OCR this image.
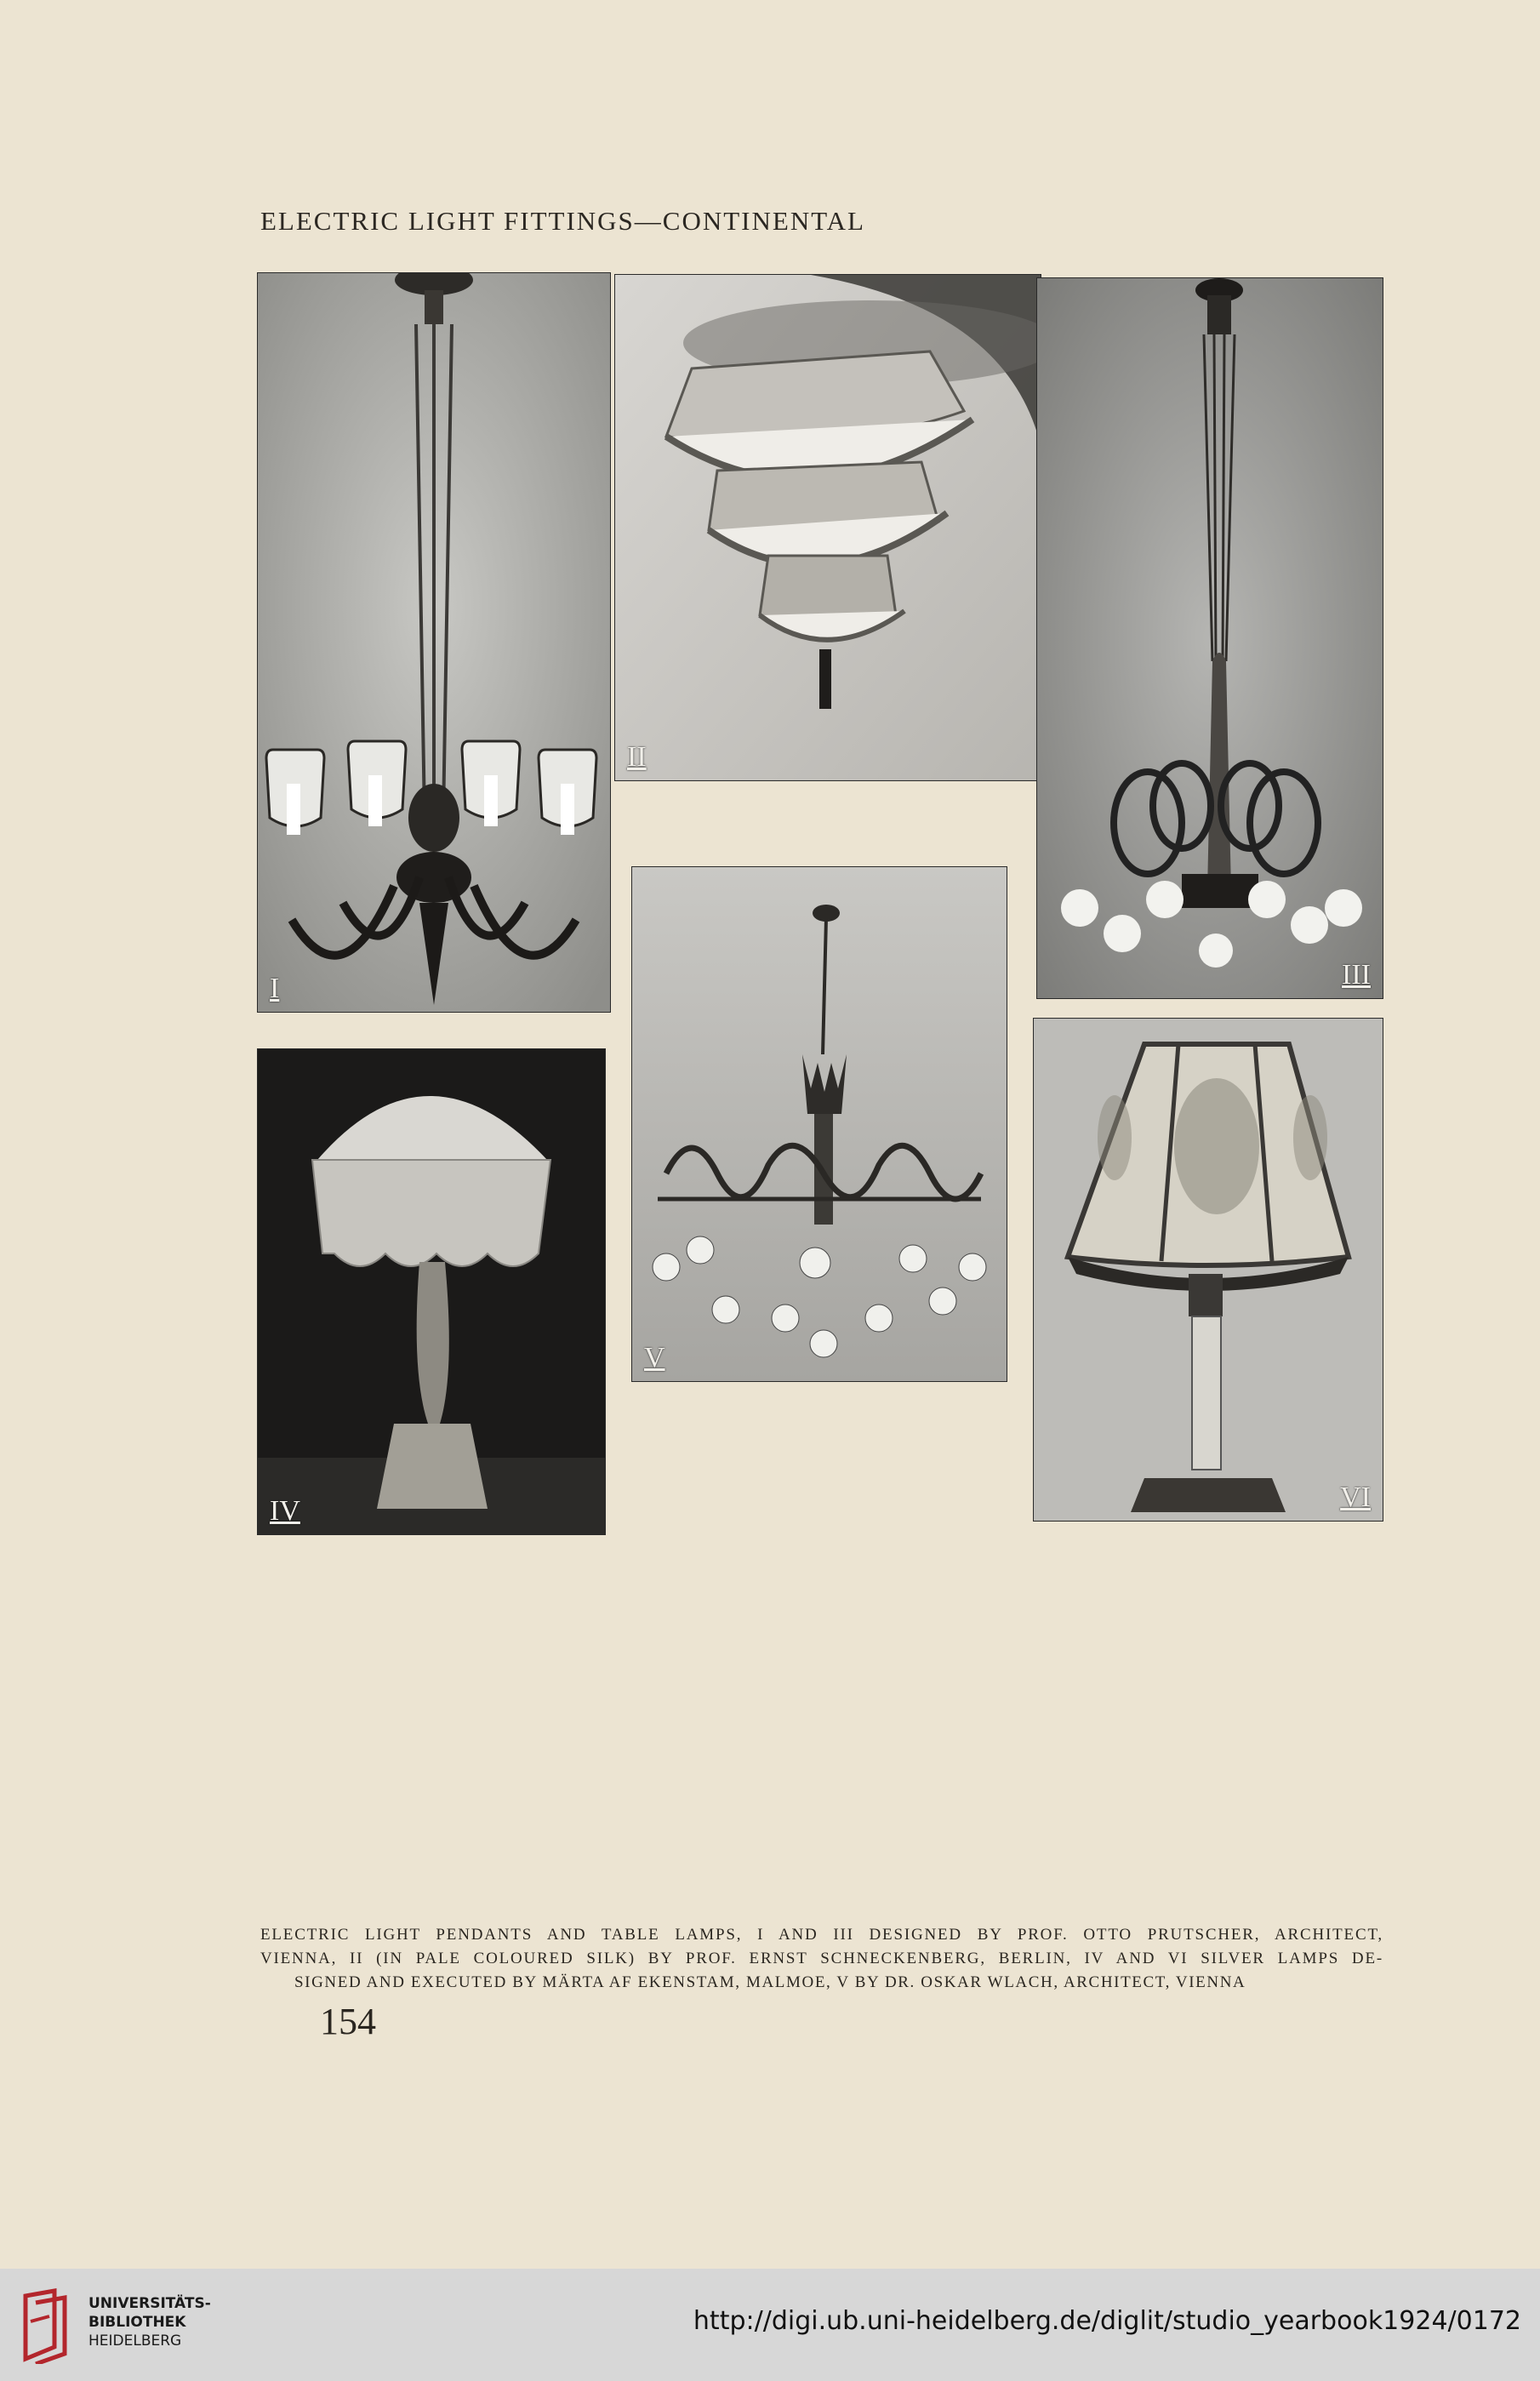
ELECTRIC LIGHT FITTINGS—CONTINENTAL
I
II
III
IV
V
VI
ELECTRIC LIGHT PENDANTS AND TABLE LAMPS, I AND III DESIGNED BY PROF. OTTO PRUTSCHER, ARCHITECT,
VIENNA, II (IN PALE COLOURED SILK) BY PROF. ERNST SCHNECKENBERG, BERLIN, IV AND VI SILVER LAMPS DE-
SIGNED AND EXECUTED BY MÄRTA AF EKENSTAM, MALMOE, V BY DR. OSKAR WLACH, ARCHITECT, VIENNA
154
UNIVERSITÄTS-
BIBLIOTHEK
HEIDELBERG
http://digi.ub.uni-heidelberg.de/diglit/studio_yearbook1924/0172
